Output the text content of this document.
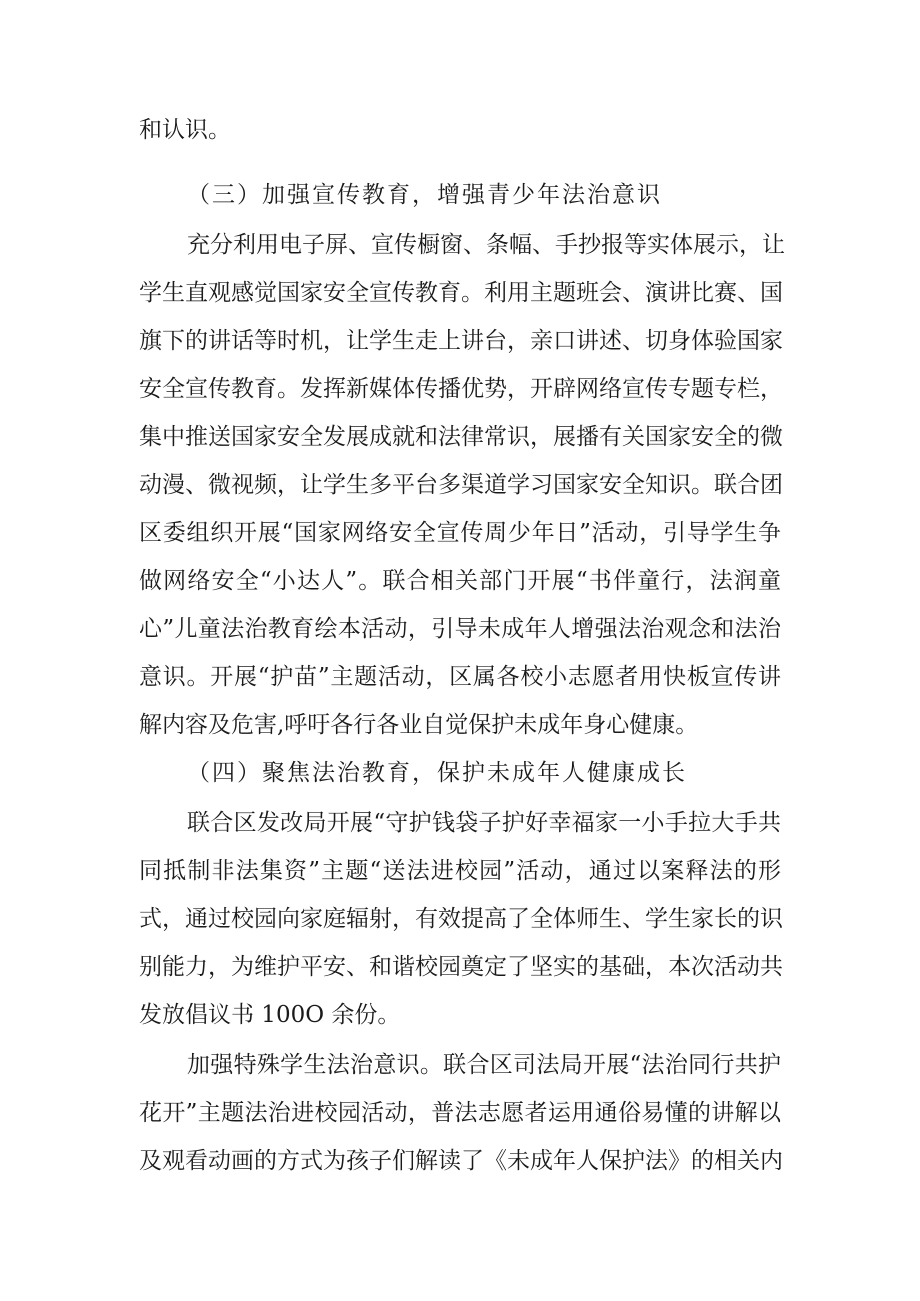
和认识。
（三）加强宣传教育，增强青少年法治意识
充分利用电子屏、宣传橱窗、条幅、手抄报等实体展示，让
学生直观感觉国家安全宣传教育。利用主题班会、演讲比赛、国
旗下的讲话等时机，让学生走上讲台，亲口讲述、切身体验国家
安全宣传教育。发挥新媒体传播优势，开辟网络宣传专题专栏，
集中推送国家安全发展成就和法律常识，展播有关国家安全的微
动漫、微视频，让学生多平台多渠道学习国家安全知识。联合团
区委组织开展“国家网络安全宣传周少年日”活动，引导学生争
做网络安全“小达人”。联合相关部门开展“书伴童行，法润童
心”儿童法治教育绘本活动，引导未成年人增强法治观念和法治
意识。开展“护苗”主题活动，区属各校小志愿者用快板宣传讲
解内容及危害,呼吁各行各业自觉保护未成年身心健康。
（四）聚焦法治教育，保护未成年人健康成长
联合区发改局开展“守护钱袋子护好幸福家一小手拉大手共
同抵制非法集资”主题“送法进校园”活动，通过以案释法的形
式，通过校园向家庭辐射，有效提高了全体师生、学生家长的识
别能力，为维护平安、和谐校园奠定了坚实的基础，本次活动共
发放倡议书 100O 余份。
加强特殊学生法治意识。联合区司法局开展“法治同行共护
花开”主题法治进校园活动，普法志愿者运用通俗易懂的讲解以
及观看动画的方式为孩子们解读了《未成年人保护法》的相关内
